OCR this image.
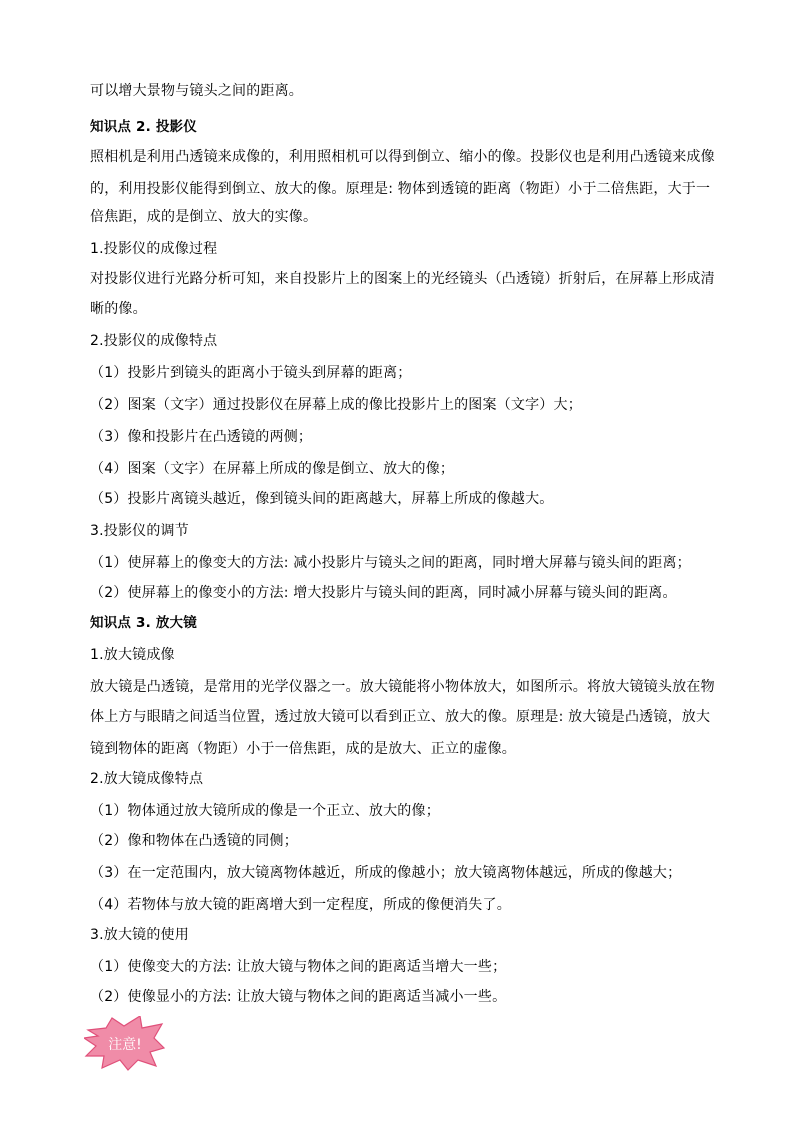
可以增大景物与镜头之间的距离。
知识点 2. 投影仪
照相机是利用凸透镜来成像的，利用照相机可以得到倒立、缩小的像。投影仪也是利用凸透镜来成像
的，利用投影仪能得到倒立、放大的像。原理是: 物体到透镜的距离（物距）小于二倍焦距，大于一
倍焦距，成的是倒立、放大的实像。
1.投影仪的成像过程
对投影仪进行光路分析可知，来自投影片上的图案上的光经镜头（凸透镜）折射后，在屏幕上形成清
晰的像。
2.投影仪的成像特点
（1）投影片到镜头的距离小于镜头到屏幕的距离；
（2）图案（文字）通过投影仪在屏幕上成的像比投影片上的图案（文字）大；
（3）像和投影片在凸透镜的两侧；
（4）图案（文字）在屏幕上所成的像是倒立、放大的像；
（5）投影片离镜头越近，像到镜头间的距离越大，屏幕上所成的像越大。
3.投影仪的调节
（1）使屏幕上的像变大的方法: 减小投影片与镜头之间的距离，同时增大屏幕与镜头间的距离；
（2）使屏幕上的像变小的方法: 增大投影片与镜头间的距离，同时减小屏幕与镜头间的距离。
知识点 3. 放大镜
1.放大镜成像
放大镜是凸透镜，是常用的光学仪器之一。放大镜能将小物体放大，如图所示。将放大镜镜头放在物
体上方与眼睛之间适当位置，透过放大镜可以看到正立、放大的像。原理是: 放大镜是凸透镜，放大
镜到物体的距离（物距）小于一倍焦距，成的是放大、正立的虚像。
2.放大镜成像特点
（1）物体通过放大镜所成的像是一个正立、放大的像；
（2）像和物体在凸透镜的同侧；
（3）在一定范围内，放大镜离物体越近，所成的像越小；放大镜离物体越远，所成的像越大；
（4）若物体与放大镜的距离增大到一定程度，所成的像便消失了。
3.放大镜的使用
（1）使像变大的方法: 让放大镜与物体之间的距离适当增大一些；
（2）使像显小的方法: 让放大镜与物体之间的距离适当减小一些。
注意!
